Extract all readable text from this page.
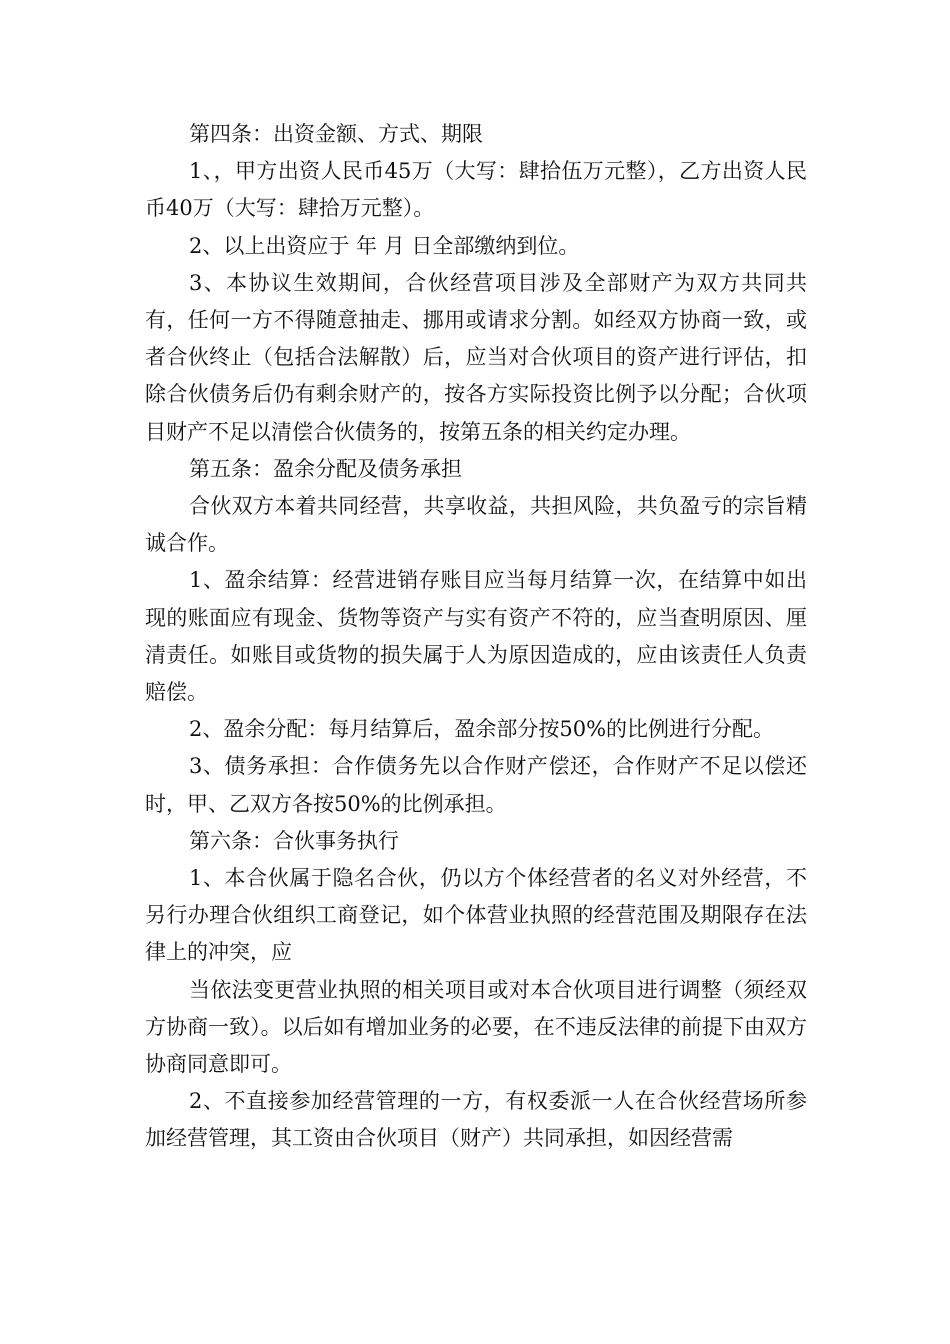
第四条：出资金额、方式、期限

1、，甲方出资人民币45万（大写：肆拾伍万元整），乙方出资人民币40万（大写：肆拾万元整）。

2、以上出资应于 年 月 日全部缴纳到位。

3、本协议生效期间，合伙经营项目涉及全部财产为双方共同共有，任何一方不得随意抽走、挪用或请求分割。如经双方协商一致，或者合伙终止（包括合法解散）后，应当对合伙项目的资产进行评估，扣除合伙债务后仍有剩余财产的，按各方实际投资比例予以分配；合伙项目财产不足以清偿合伙债务的，按第五条的相关约定办理。

第五条：盈余分配及债务承担

合伙双方本着共同经营，共享收益，共担风险，共负盈亏的宗旨精诚合作。

1、盈余结算：经营进销存账目应当每月结算一次，在结算中如出现的账面应有现金、货物等资产与实有资产不符的，应当查明原因、厘清责任。如账目或货物的损失属于人为原因造成的，应由该责任人负责赔偿。

2、盈余分配：每月结算后，盈余部分按50%的比例进行分配。

3、债务承担：合作债务先以合作财产偿还，合作财产不足以偿还时，甲、乙双方各按50%的比例承担。

第六条：合伙事务执行

1、本合伙属于隐名合伙，仍以方个体经营者的名义对外经营，不另行办理合伙组织工商登记，如个体营业执照的经营范围及期限存在法律上的冲突，应

当依法变更营业执照的相关项目或对本合伙项目进行调整（须经双方协商一致）。以后如有增加业务的必要，在不违反法律的前提下由双方协商同意即可。

2、不直接参加经营管理的一方，有权委派一人在合伙经营场所参加经营管理，其工资由合伙项目（财产）共同承担，如因经营需
